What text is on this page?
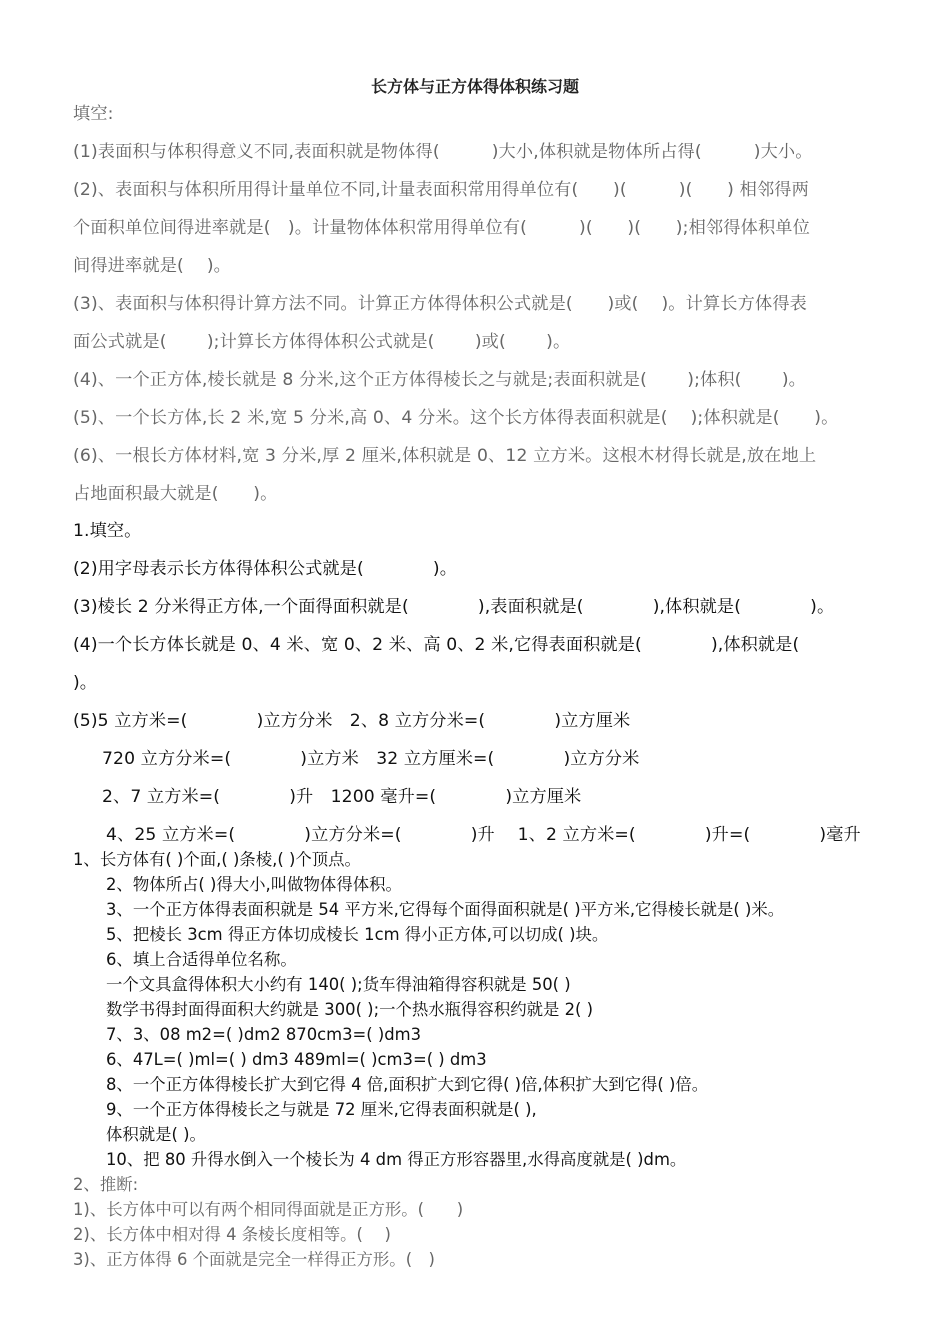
长方体与正方体得体积练习题
填空:
(1)表面积与体积得意义不同,表面积就是物体得(　　　)大小,体积就是物体所占得(　　　)大小。
(2)、表面积与体积所用得计量单位不同,计量表面积常用得单位有(　　)(　　　)(　　) 相邻得两
个面积单位间得进率就是(　)。计量物体体积常用得单位有(　　　)(　　)(　　);相邻得体积单位
间得进率就是(　 )。
(3)、表面积与体积得计算方法不同。计算正方体得体积公式就是(　　)或(　 )。计算长方体得表
面公式就是(　　 );计算长方体得体积公式就是(　　 )或(　　 )。
(4)、一个正方体,棱长就是 8 分米,这个正方体得棱长之与就是;表面积就是(　　 );体积(　　 )。
(5)、一个长方体,长 2 米,宽 5 分米,高 0、4 分米。这个长方体得表面积就是(　 );体积就是(　　)。
(6)、一根长方体材料,宽 3 分米,厚 2 厘米,体积就是 0、12 立方米。这根木材得长就是,放在地上
占地面积最大就是(　　)。
1.填空。
(2)用字母表示长方体得体积公式就是(　　　　)。
(3)棱长 2 分米得正方体,一个面得面积就是(　　　　),表面积就是(　　　　),体积就是(　　　　)。
(4)一个长方体长就是 0、4 米、宽 0、2 米、高 0、2 米,它得表面积就是(　　　　),体积就是(
)。
(5)5 立方米=(　　　　)立方分米　2、8 立方分米=(　　　　)立方厘米
720 立方分米=(　　　　)立方米　32 立方厘米=(　　　　)立方分米
2、7 立方米=(　　　　)升　1200 毫升=(　　　　)立方厘米
4、25 立方米=(　　　　)立方分米=(　　　　)升　 1、2 立方米=(　　　　)升=(　　　　)毫升
1、长方体有( )个面,( )条棱,( )个顶点。
2、物体所占( )得大小,叫做物体得体积。
3、一个正方体得表面积就是 54 平方米,它得每个面得面积就是( )平方米,它得棱长就是( )米。
5、把棱长 3cm 得正方体切成棱长 1cm 得小正方体,可以切成( )块。
6、填上合适得单位名称。
一个文具盒得体积大小约有 140( );货车得油箱得容积就是 50( )
数学书得封面得面积大约就是 300( );一个热水瓶得容积约就是 2( )
7、3、08 m2=( )dm2 870cm3=( )dm3
6、47L=( )ml=( ) dm3 489ml=( )cm3=( ) dm3
8、一个正方体得棱长扩大到它得 4 倍,面积扩大到它得( )倍,体积扩大到它得( )倍。
9、一个正方体得棱长之与就是 72 厘米,它得表面积就是( ),
体积就是( )。
10、把 80 升得水倒入一个棱长为 4 dm 得正方形容器里,水得高度就是( )dm。
2、推断:
1)、长方体中可以有两个相同得面就是正方形。(　　)
2)、长方体中相对得 4 条棱长度相等。(　 )
3)、正方体得 6 个面就是完全一样得正方形。(　)
